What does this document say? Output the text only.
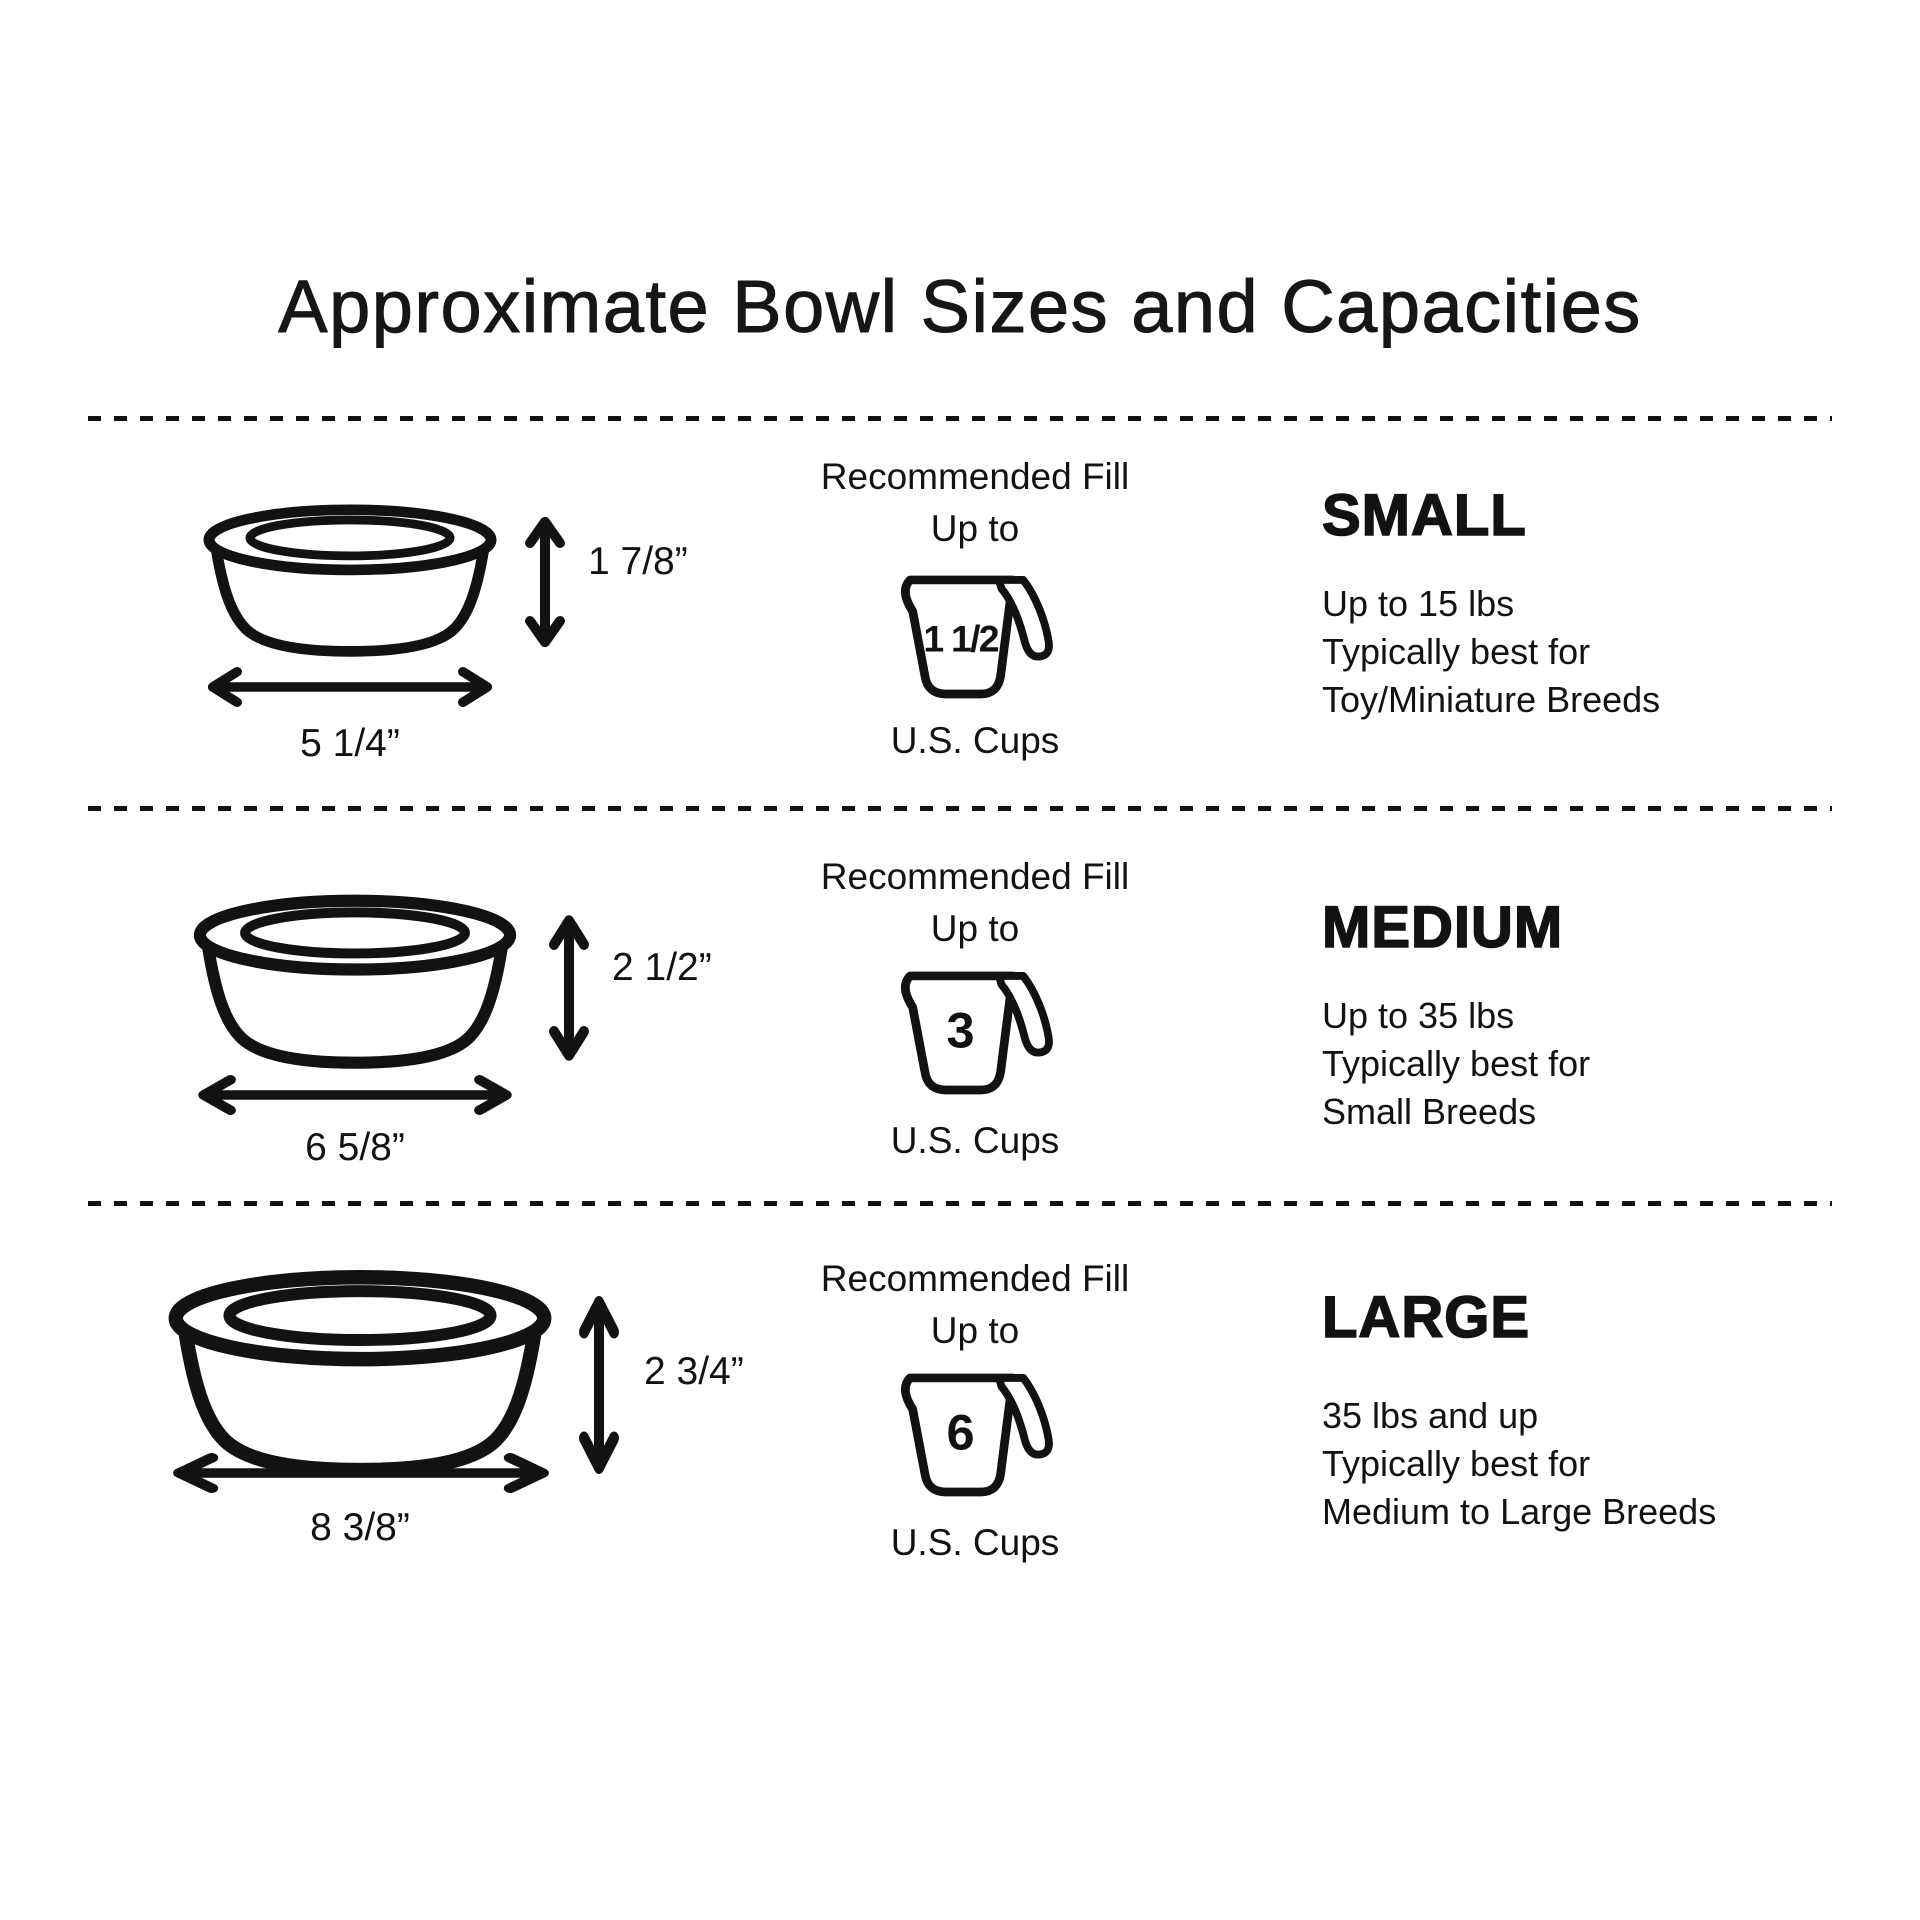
Approximate Bowl Sizes and Capacities
1 7/8”
5 1/4”
Recommended Fill
Up to
1 1/2
U.S. Cups
SMALL
Up to 15 lbs
Typically best for
Toy/Miniature Breeds
2 1/2”
6 5/8”
Recommended Fill
Up to
3
U.S. Cups
MEDIUM
Up to 35 lbs
Typically best for
Small Breeds
2 3/4”
8 3/8”
Recommended Fill
Up to
6
U.S. Cups
LARGE
35 lbs and up
Typically best for
Medium to Large Breeds
